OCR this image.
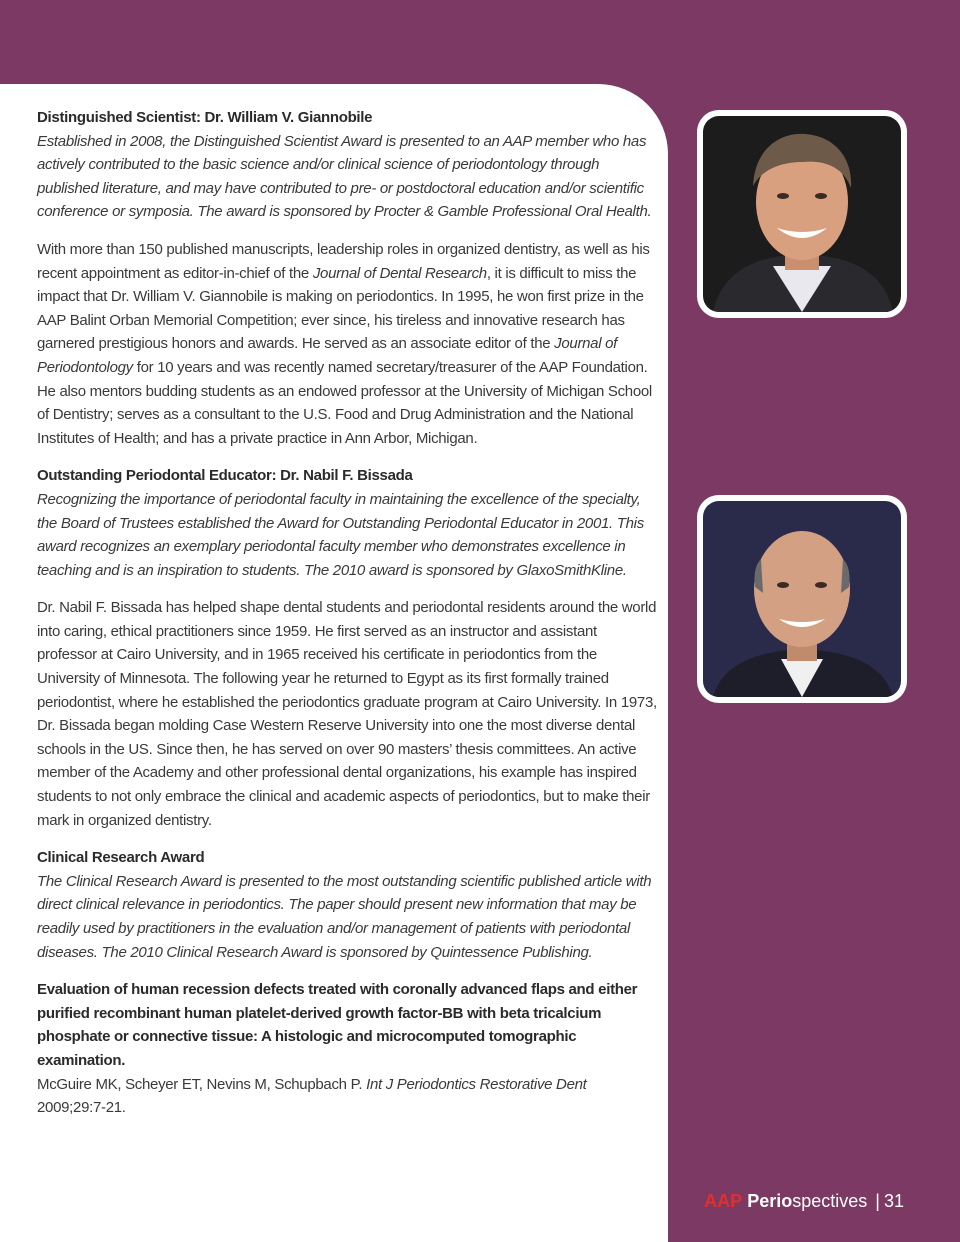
Distinguished Scientist: Dr. William V. Giannobile

Established in 2008, the Distinguished Scientist Award is presented to an AAP member who has actively contributed to the basic science and/or clinical science of periodontology through published literature, and may have contributed to pre- or postdoctoral education and/or scientific conference or symposia. The award is sponsored by Procter & Gamble Professional Oral Health.

With more than 150 published manuscripts, leadership roles in organized dentistry, as well as his recent appointment as editor-in-chief of the Journal of Dental Research, it is difficult to miss the impact that Dr. William V. Giannobile is making on periodontics. In 1995, he won first prize in the AAP Balint Orban Memorial Competition; ever since, his tireless and innovative research has garnered prestigious honors and awards. He served as an associate editor of the Journal of Periodontology for 10 years and was recently named secretary/treasurer of the AAP Foundation. He also mentors budding students as an endowed professor at the University of Michigan School of Dentistry; serves as a consultant to the U.S. Food and Drug Administration and the National Institutes of Health; and has a private practice in Ann Arbor, Michigan.

Outstanding Periodontal Educator: Dr. Nabil F. Bissada

Recognizing the importance of periodontal faculty in maintaining the excellence of the specialty, the Board of Trustees established the Award for Outstanding Periodontal Educator in 2001. This award recognizes an exemplary periodontal faculty member who demonstrates excellence in teaching and is an inspiration to students. The 2010 award is sponsored by GlaxoSmithKline.

Dr. Nabil F. Bissada has helped shape dental students and periodontal residents around the world into caring, ethical practitioners since 1959. He first served as an instructor and assistant professor at Cairo University, and in 1965 received his certificate in periodontics from the University of Minnesota. The following year he returned to Egypt as its first formally trained periodontist, where he established the periodontics graduate program at Cairo University. In 1973, Dr. Bissada began molding Case Western Reserve University into one the most diverse dental schools in the US. Since then, he has served on over 90 masters’ thesis committees. An active member of the Academy and other professional dental organizations, his example has inspired students to not only embrace the clinical and academic aspects of periodontics, but to make their mark in organized dentistry.

Clinical Research Award

The Clinical Research Award is presented to the most outstanding scientific published article with direct clinical relevance in periodontics. The paper should present new information that may be readily used by practitioners in the evaluation and/or management of patients with periodontal diseases. The 2010 Clinical Research Award is sponsored by Quintessence Publishing.

Evaluation of human recession defects treated with coronally advanced flaps and either purified recombinant human platelet-derived growth factor-BB with beta tricalcium phosphate or connective tissue: A histologic and microcomputed tomographic examination.

McGuire MK, Scheyer ET, Nevins M, Schupbach P. Int J Periodontics Restorative Dent 2009;29:7-21.

AAP Periospectives | 31
